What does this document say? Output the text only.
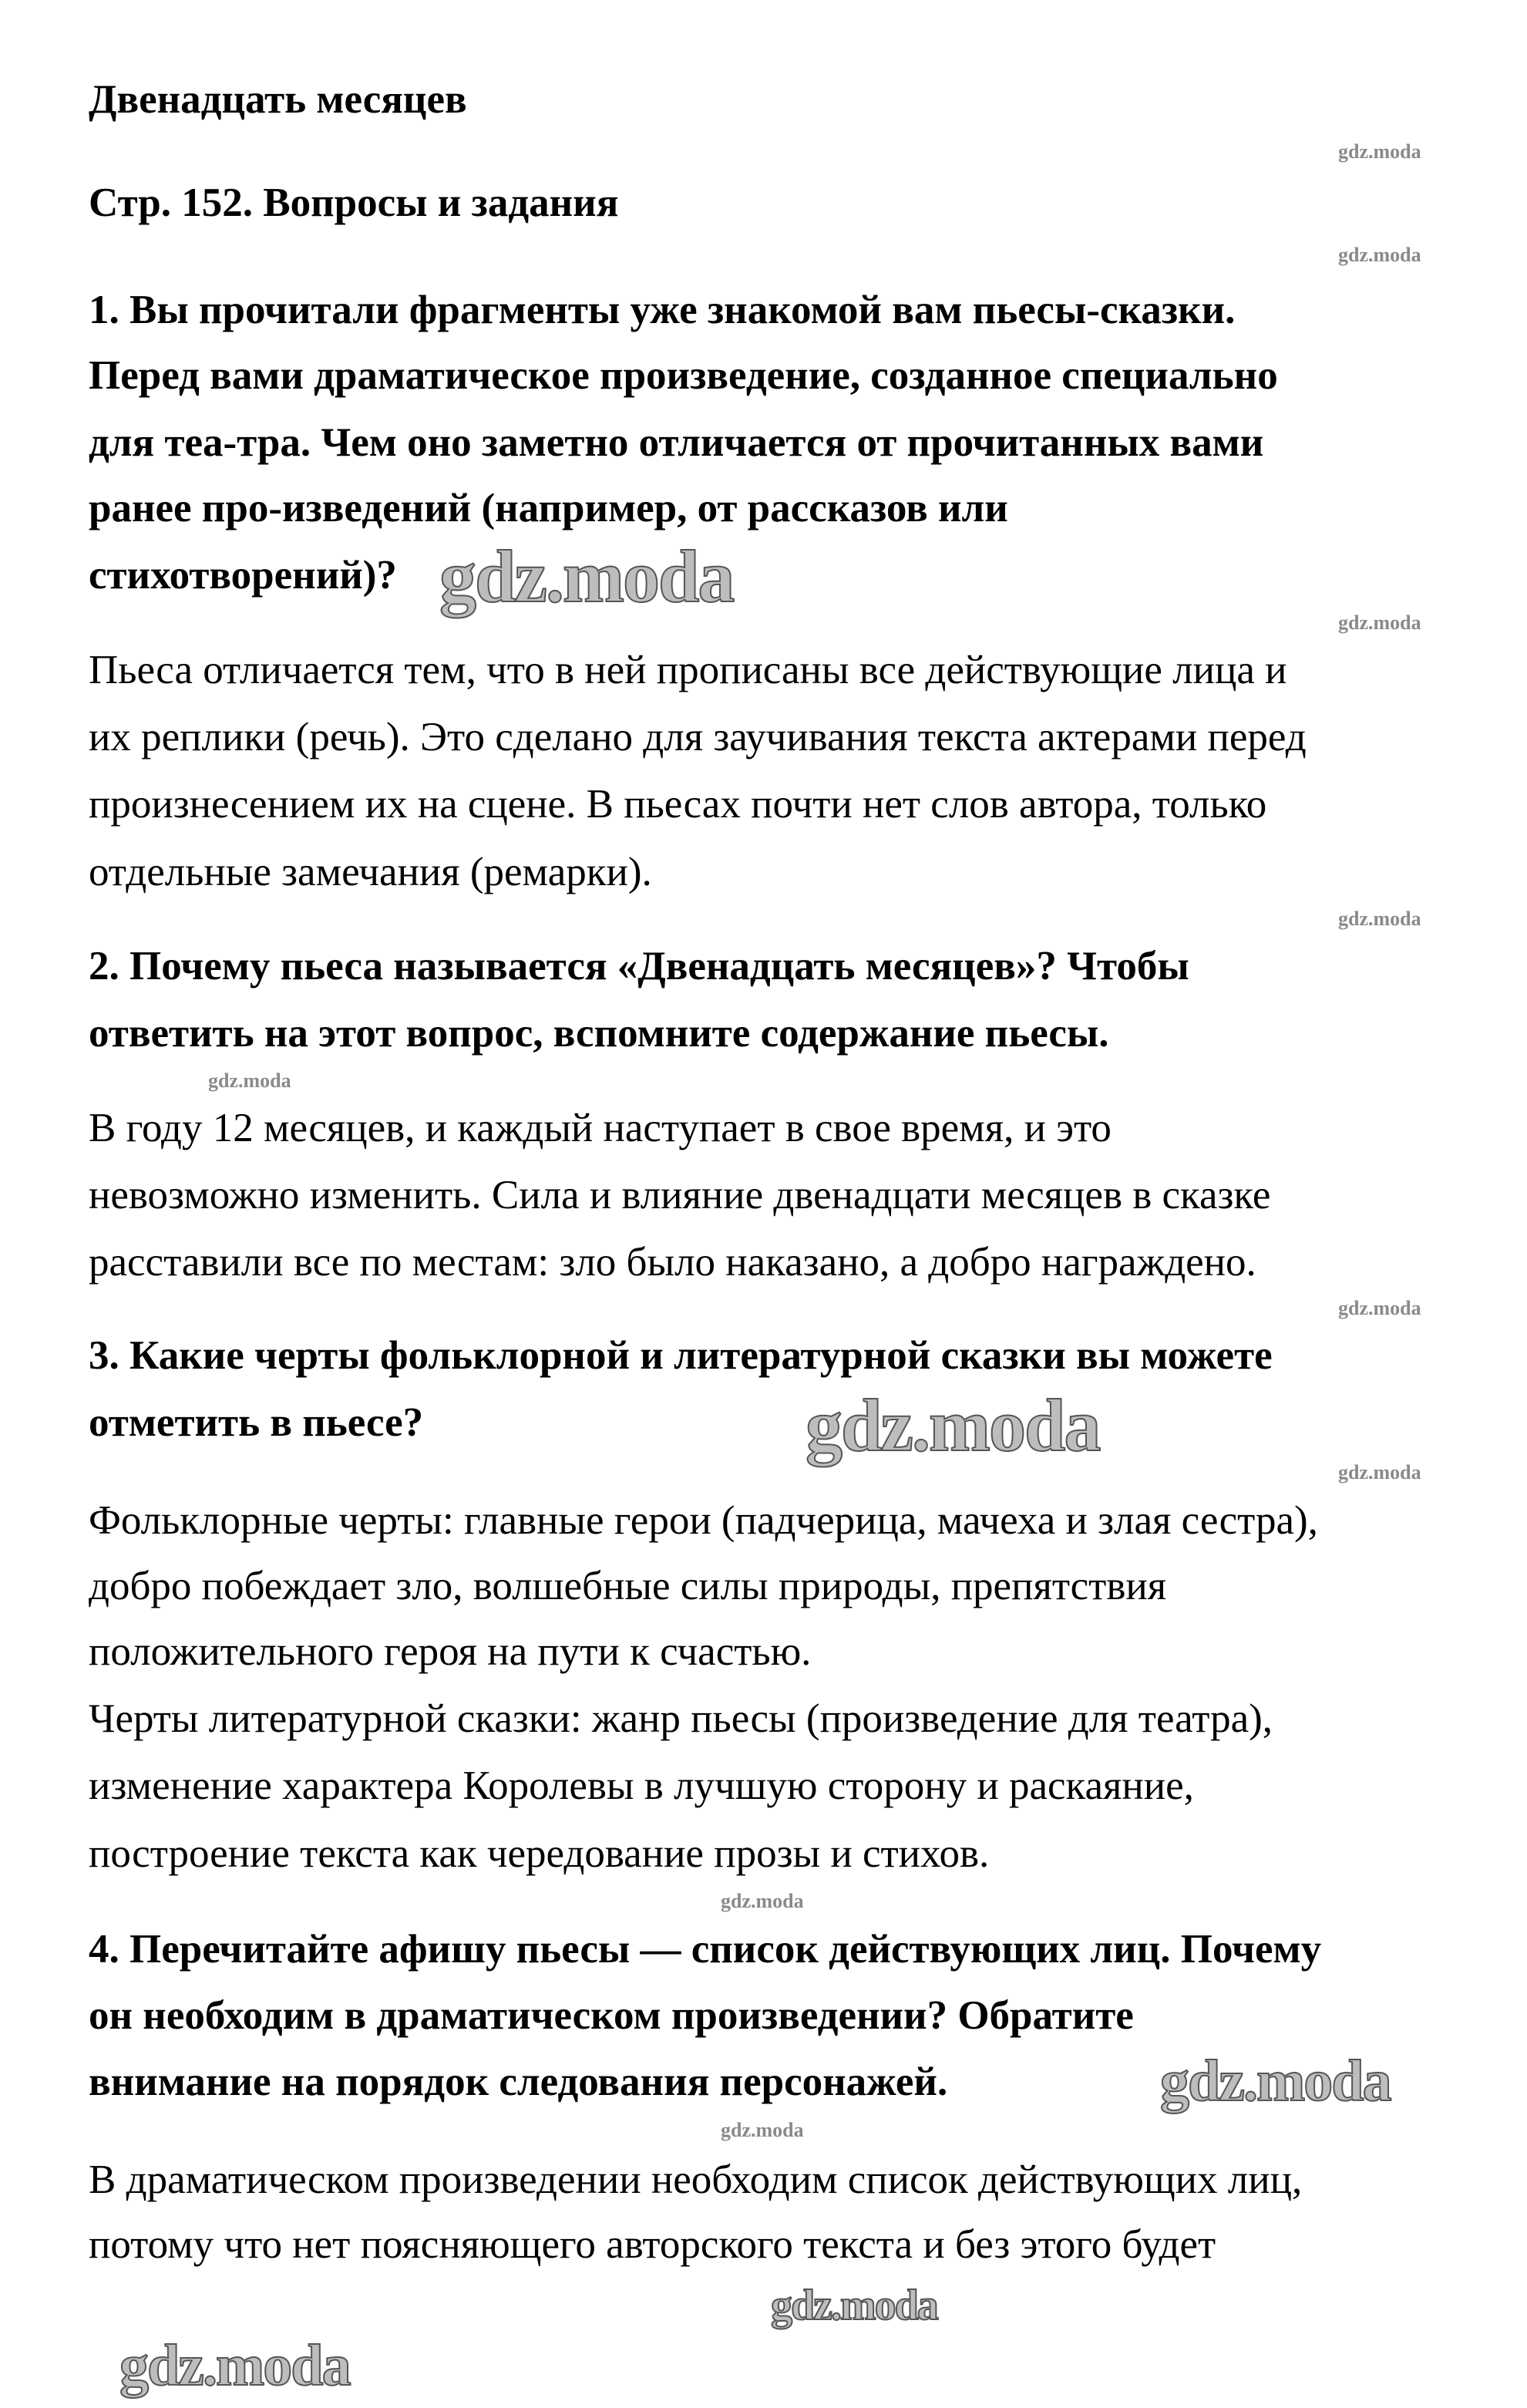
Двенадцать месяцев
Стр. 152. Вопросы и задания
1. Вы прочитали фрагменты уже знакомой вам пьесы-сказки.
Перед вами драматическое произведение, созданное специально
для теа-тра. Чем оно заметно отличается от прочитанных вами
ранее про-изведений (например, от рассказов или
стихотворений)?
Пьеса отличается тем, что в ней прописаны все действующие лица и
их реплики (речь). Это сделано для заучивания текста актерами перед
произнесением их на сцене. В пьесах почти нет слов автора, только
отдельные замечания (ремарки).
2. Почему пьеса называется «Двенадцать месяцев»? Чтобы
ответить на этот вопрос, вспомните содержание пьесы.
В году 12 месяцев, и каждый наступает в свое время, и это
невозможно изменить. Сила и влияние двенадцати месяцев в сказке
расставили все по местам: зло было наказано, а добро награждено.
3. Какие черты фольклорной и литературной сказки вы можете
отметить в пьесе?
Фольклорные черты: главные герои (падчерица, мачеха и злая сестра),
добро побеждает зло, волшебные силы природы, препятствия
положительного героя на пути к счастью.
Черты литературной сказки: жанр пьесы (произведение для театра),
изменение характера Королевы в лучшую сторону и раскаяние,
построение текста как чередование прозы и стихов.
4. Перечитайте афишу пьесы — список действующих лиц. Почему
он необходим в драматическом произведении? Обратите
внимание на порядок следования персонажей.
В драматическом произведении необходим список действующих лиц,
потому что нет поясняющего авторского текста и без этого будет
gdz.moda
gdz.moda
gdz.moda
gdz.moda
gdz.moda
gdz.moda
gdz.moda
gdz.moda
gdz.moda
gdz.moda
gdz.moda
gdz.moda
gdz.moda
gdz.moda
